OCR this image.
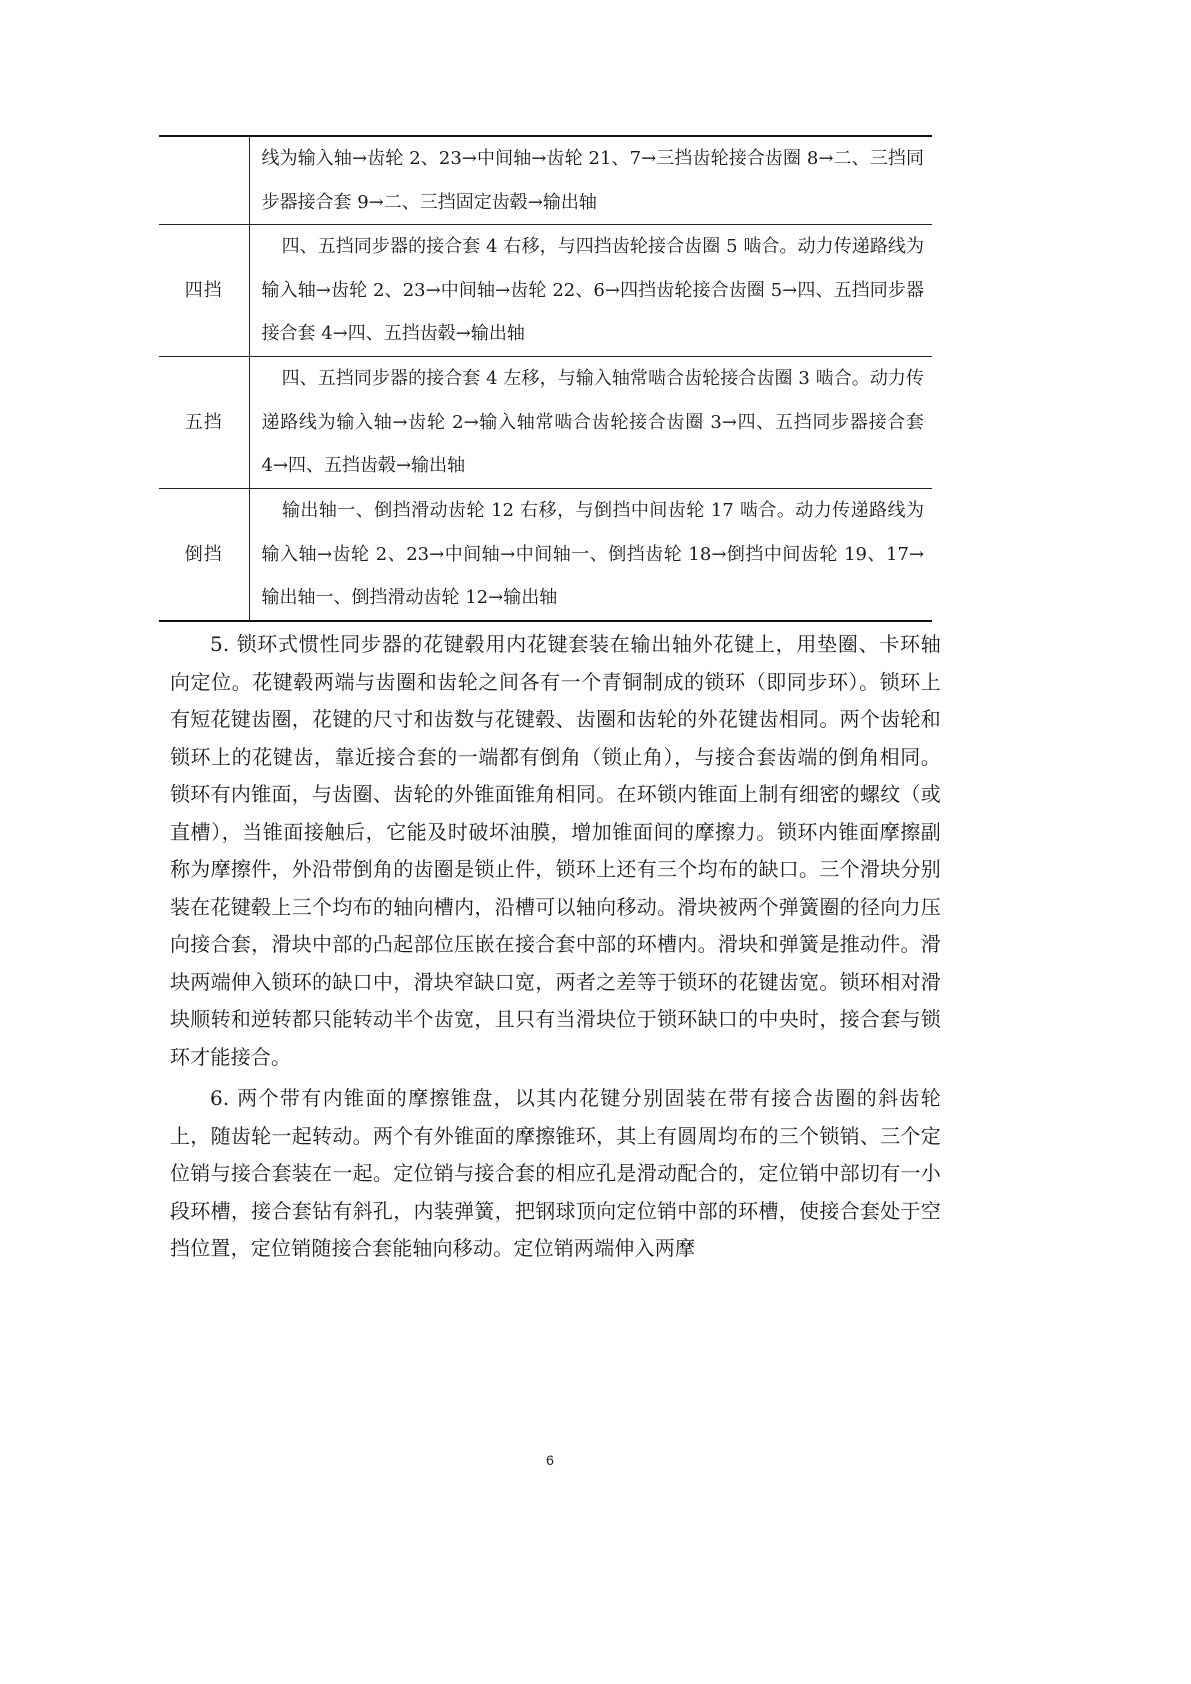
	线为输入轴→齿轮 2、23→中间轴→齿轮 21、7→三挡齿轮接合齿圈 8→二、三挡同步器接合套 9→二、三挡固定齿毂→输出轴
四挡	四、五挡同步器的接合套 4 右移，与四挡齿轮接合齿圈 5 啮合。动力传递路线为输入轴→齿轮 2、23→中间轴→齿轮 22、6→四挡齿轮接合齿圈 5→四、五挡同步器接合套 4→四、五挡齿毂→输出轴
五挡	四、五挡同步器的接合套 4 左移，与输入轴常啮合齿轮接合齿圈 3 啮合。动力传递路线为输入轴→齿轮 2→输入轴常啮合齿轮接合齿圈 3→四、五挡同步器接合套 4→四、五挡齿毂→输出轴
倒挡	输出轴一、倒挡滑动齿轮 12 右移，与倒挡中间齿轮 17 啮合。动力传递路线为输入轴→齿轮 2、23→中间轴→中间轴一、倒挡齿轮 18→倒挡中间齿轮 19、17→输出轴一、倒挡滑动齿轮 12→输出轴

5. 锁环式惯性同步器的花键毂用内花键套装在输出轴外花键上，用垫圈、卡环轴向定位。花键毂两端与齿圈和齿轮之间各有一个青铜制成的锁环（即同步环）。锁环上有短花键齿圈，花键的尺寸和齿数与花键毂、齿圈和齿轮的外花键齿相同。两个齿轮和锁环上的花键齿，靠近接合套的一端都有倒角（锁止角），与接合套齿端的倒角相同。锁环有内锥面，与齿圈、齿轮的外锥面锥角相同。在环锁内锥面上制有细密的螺纹（或直槽），当锥面接触后，它能及时破坏油膜，增加锥面间的摩擦力。锁环内锥面摩擦副称为摩擦件，外沿带倒角的齿圈是锁止件，锁环上还有三个均布的缺口。三个滑块分别装在花键毂上三个均布的轴向槽内，沿槽可以轴向移动。滑块被两个弹簧圈的径向力压向接合套，滑块中部的凸起部位压嵌在接合套中部的环槽内。滑块和弹簧是推动件。滑块两端伸入锁环的缺口中，滑块窄缺口宽，两者之差等于锁环的花键齿宽。锁环相对滑块顺转和逆转都只能转动半个齿宽，且只有当滑块位于锁环缺口的中央时，接合套与锁环才能接合。

6. 两个带有内锥面的摩擦锥盘，以其内花键分别固装在带有接合齿圈的斜齿轮上，随齿轮一起转动。两个有外锥面的摩擦锥环，其上有圆周均布的三个锁销、三个定位销与接合套装在一起。定位销与接合套的相应孔是滑动配合的，定位销中部切有一小段环槽，接合套钻有斜孔，内装弹簧，把钢球顶向定位销中部的环槽，使接合套处于空挡位置，定位销随接合套能轴向移动。定位销两端伸入两摩

6
